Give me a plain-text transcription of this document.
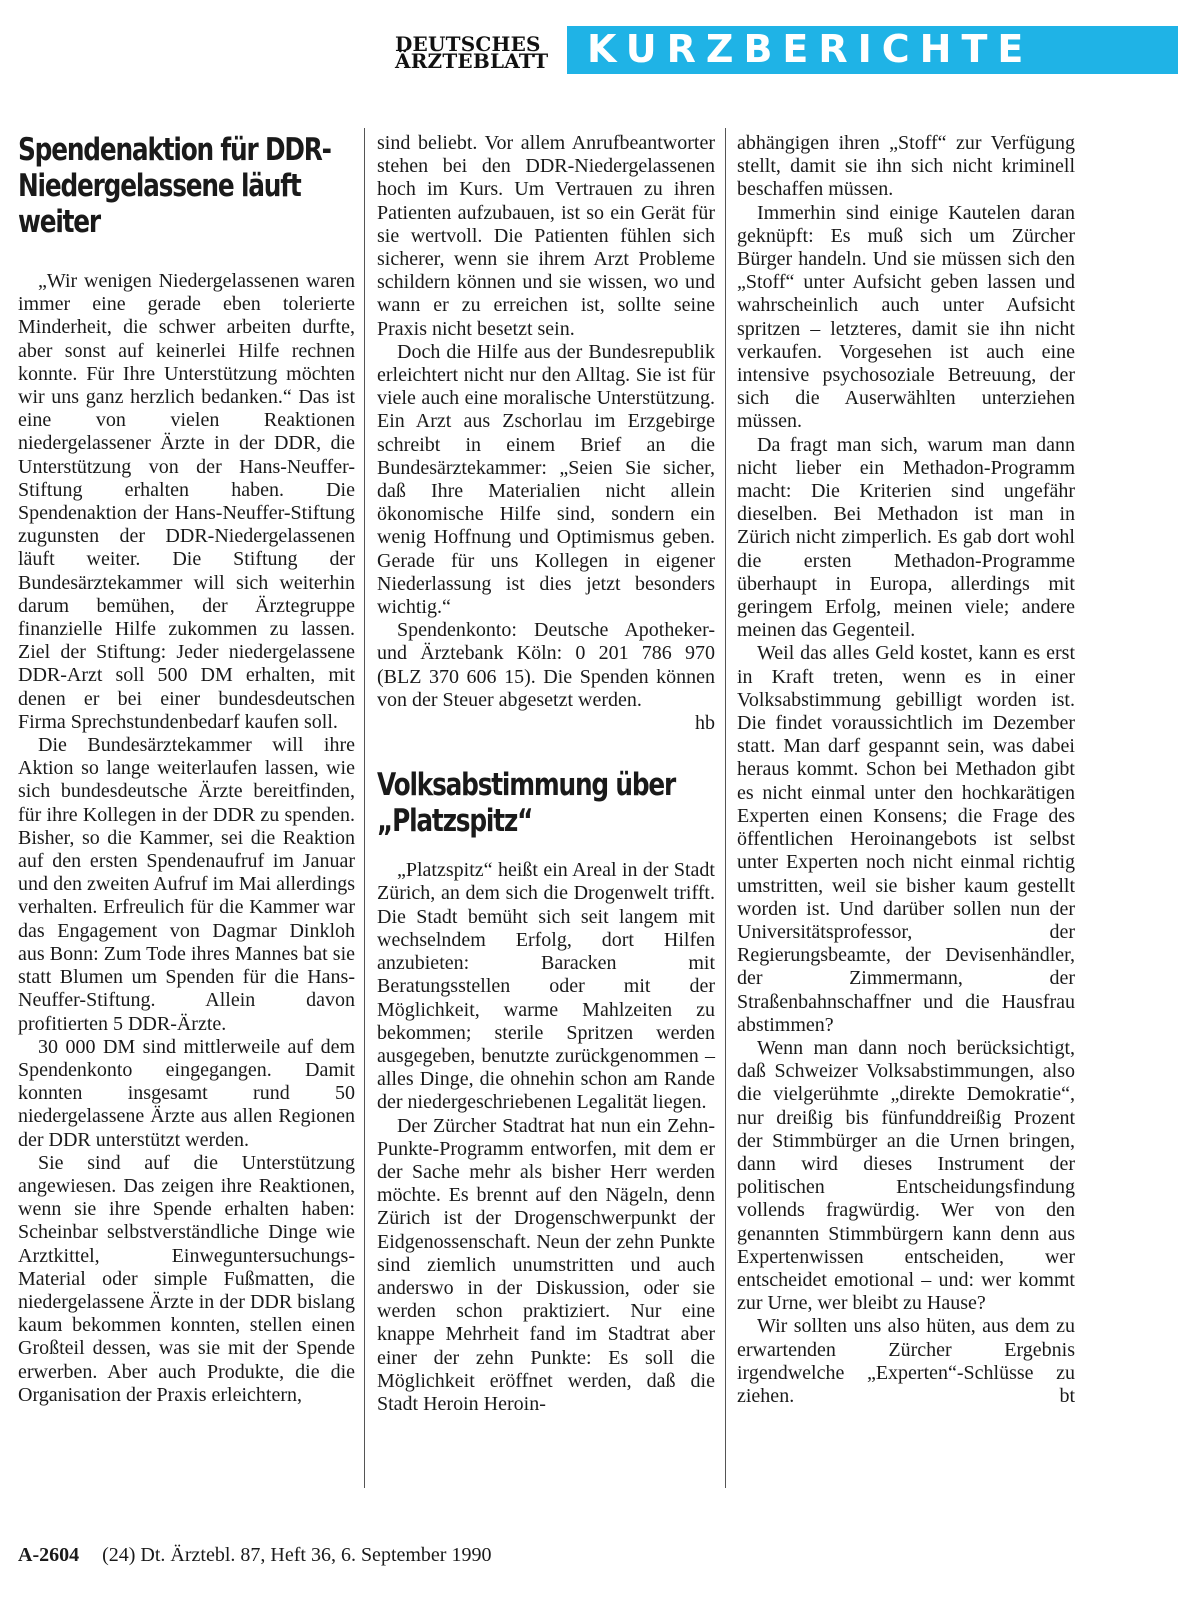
DEUTSCHES
ÄRZTEBLATT KURZBERICHTE
Spendenaktion für DDR-Niedergelassene läuft weiter

„Wir wenigen Niedergelassenen waren immer eine gerade eben tolerierte Minderheit, die schwer arbeiten durfte, aber sonst auf keinerlei Hilfe rechnen konnte. Für Ihre Unterstützung möchten wir uns ganz herzlich bedanken.“ Das ist eine von vielen Reaktionen niedergelassener Ärzte in der DDR, die Unterstützung von der Hans-Neuffer-Stiftung erhalten haben. Die Spendenaktion der Hans-Neuffer-Stiftung zugunsten der DDR-Niedergelassenen läuft weiter. Die Stiftung der Bundesärztekammer will sich weiterhin darum bemühen, der Ärztegruppe finanzielle Hilfe zukommen zu lassen. Ziel der Stiftung: Jeder niedergelassene DDR-Arzt soll 500 DM erhalten, mit denen er bei einer bundesdeutschen Firma Sprechstundenbedarf kaufen soll.

Die Bundesärztekammer will ihre Aktion so lange weiterlaufen lassen, wie sich bundesdeutsche Ärzte bereitfinden, für ihre Kollegen in der DDR zu spenden. Bisher, so die Kammer, sei die Reaktion auf den ersten Spendenaufruf im Januar und den zweiten Aufruf im Mai allerdings verhalten. Erfreulich für die Kammer war das Engagement von Dagmar Dinkloh aus Bonn: Zum Tode ihres Mannes bat sie statt Blumen um Spenden für die Hans-Neuffer-Stiftung. Allein davon profitierten 5 DDR-Ärzte.

30 000 DM sind mittlerweile auf dem Spendenkonto eingegangen. Damit konnten insgesamt rund 50 niedergelassene Ärzte aus allen Regionen der DDR unterstützt werden.

Sie sind auf die Unterstützung angewiesen. Das zeigen ihre Reaktionen, wenn sie ihre Spende erhalten haben: Scheinbar selbstverständliche Dinge wie Arztkittel, Einweguntersuchungs-Material oder simple Fußmatten, die niedergelassene Ärzte in der DDR bislang kaum bekommen konnten, stellen einen Großteil dessen, was sie mit der Spende erwerben. Aber auch Produkte, die die Organisation der Praxis erleichtern,

sind beliebt. Vor allem Anrufbeantworter stehen bei den DDR-Niedergelassenen hoch im Kurs. Um Vertrauen zu ihren Patienten aufzubauen, ist so ein Gerät für sie wertvoll. Die Patienten fühlen sich sicherer, wenn sie ihrem Arzt Probleme schildern können und sie wissen, wo und wann er zu erreichen ist, sollte seine Praxis nicht besetzt sein.

Doch die Hilfe aus der Bundesrepublik erleichtert nicht nur den Alltag. Sie ist für viele auch eine moralische Unterstützung. Ein Arzt aus Zschorlau im Erzgebirge schreibt in einem Brief an die Bundesärztekammer: „Seien Sie sicher, daß Ihre Materialien nicht allein ökonomische Hilfe sind, sondern ein wenig Hoffnung und Optimismus geben. Gerade für uns Kollegen in eigener Niederlassung ist dies jetzt besonders wichtig.“

Spendenkonto: Deutsche Apotheker- und Ärztebank Köln: 0 201 786 970 (BLZ 370 606 15). Die Spenden können von der Steuer abgesetzt werden.

hb
Volksabstimmung über „Platzspitz“

„Platzspitz“ heißt ein Areal in der Stadt Zürich, an dem sich die Drogenwelt trifft. Die Stadt bemüht sich seit langem mit wechselndem Erfolg, dort Hilfen anzubieten: Baracken mit Beratungsstellen oder mit der Möglichkeit, warme Mahlzeiten zu bekommen; sterile Spritzen werden ausgegeben, benutzte zurückgenommen – alles Dinge, die ohnehin schon am Rande der niedergeschriebenen Legalität liegen.

Der Zürcher Stadtrat hat nun ein Zehn-Punkte-Programm entworfen, mit dem er der Sache mehr als bisher Herr werden möchte. Es brennt auf den Nägeln, denn Zürich ist der Drogenschwerpunkt der Eidgenossenschaft. Neun der zehn Punkte sind ziemlich unumstritten und auch anderswo in der Diskussion, oder sie werden schon praktiziert. Nur eine knappe Mehrheit fand im Stadtrat aber einer der zehn Punkte: Es soll die Möglichkeit eröffnet werden, daß die Stadt Heroin Heroin-

abhängigen ihren „Stoff“ zur Verfügung stellt, damit sie ihn sich nicht kriminell beschaffen müssen.

Immerhin sind einige Kautelen daran geknüpft: Es muß sich um Zürcher Bürger handeln. Und sie müssen sich den „Stoff“ unter Aufsicht geben lassen und wahrscheinlich auch unter Aufsicht spritzen – letzteres, damit sie ihn nicht verkaufen. Vorgesehen ist auch eine intensive psychosoziale Betreuung, der sich die Auserwählten unterziehen müssen.

Da fragt man sich, warum man dann nicht lieber ein Methadon-Programm macht: Die Kriterien sind ungefähr dieselben. Bei Methadon ist man in Zürich nicht zimperlich. Es gab dort wohl die ersten Methadon-Programme überhaupt in Europa, allerdings mit geringem Erfolg, meinen viele; andere meinen das Gegenteil.

Weil das alles Geld kostet, kann es erst in Kraft treten, wenn es in einer Volksabstimmung gebilligt worden ist. Die findet voraussichtlich im Dezember statt. Man darf gespannt sein, was dabei heraus kommt. Schon bei Methadon gibt es nicht einmal unter den hochkarätigen Experten einen Konsens; die Frage des öffentlichen Heroinangebots ist selbst unter Experten noch nicht einmal richtig umstritten, weil sie bisher kaum gestellt worden ist. Und darüber sollen nun der Universitätsprofessor, der Regierungsbeamte, der Devisenhändler, der Zimmermann, der Straßenbahnschaffner und die Hausfrau abstimmen?

Wenn man dann noch berücksichtigt, daß Schweizer Volksabstimmungen, also die vielgerühmte „direkte Demokratie“, nur dreißig bis fünfunddreißig Prozent der Stimmbürger an die Urnen bringen, dann wird dieses Instrument der politischen Entscheidungsfindung vollends fragwürdig. Wer von den genannten Stimmbürgern kann denn aus Expertenwissen entscheiden, wer entscheidet emotional – und: wer kommt zur Urne, wer bleibt zu Hause?

Wir sollten uns also hüten, aus dem zu erwartenden Zürcher Ergebnis irgendwelche „Experten“-Schlüsse zu ziehen.	bt

A-2604 (24) Dt. Ärztebl. 87, Heft 36, 6. September 1990
